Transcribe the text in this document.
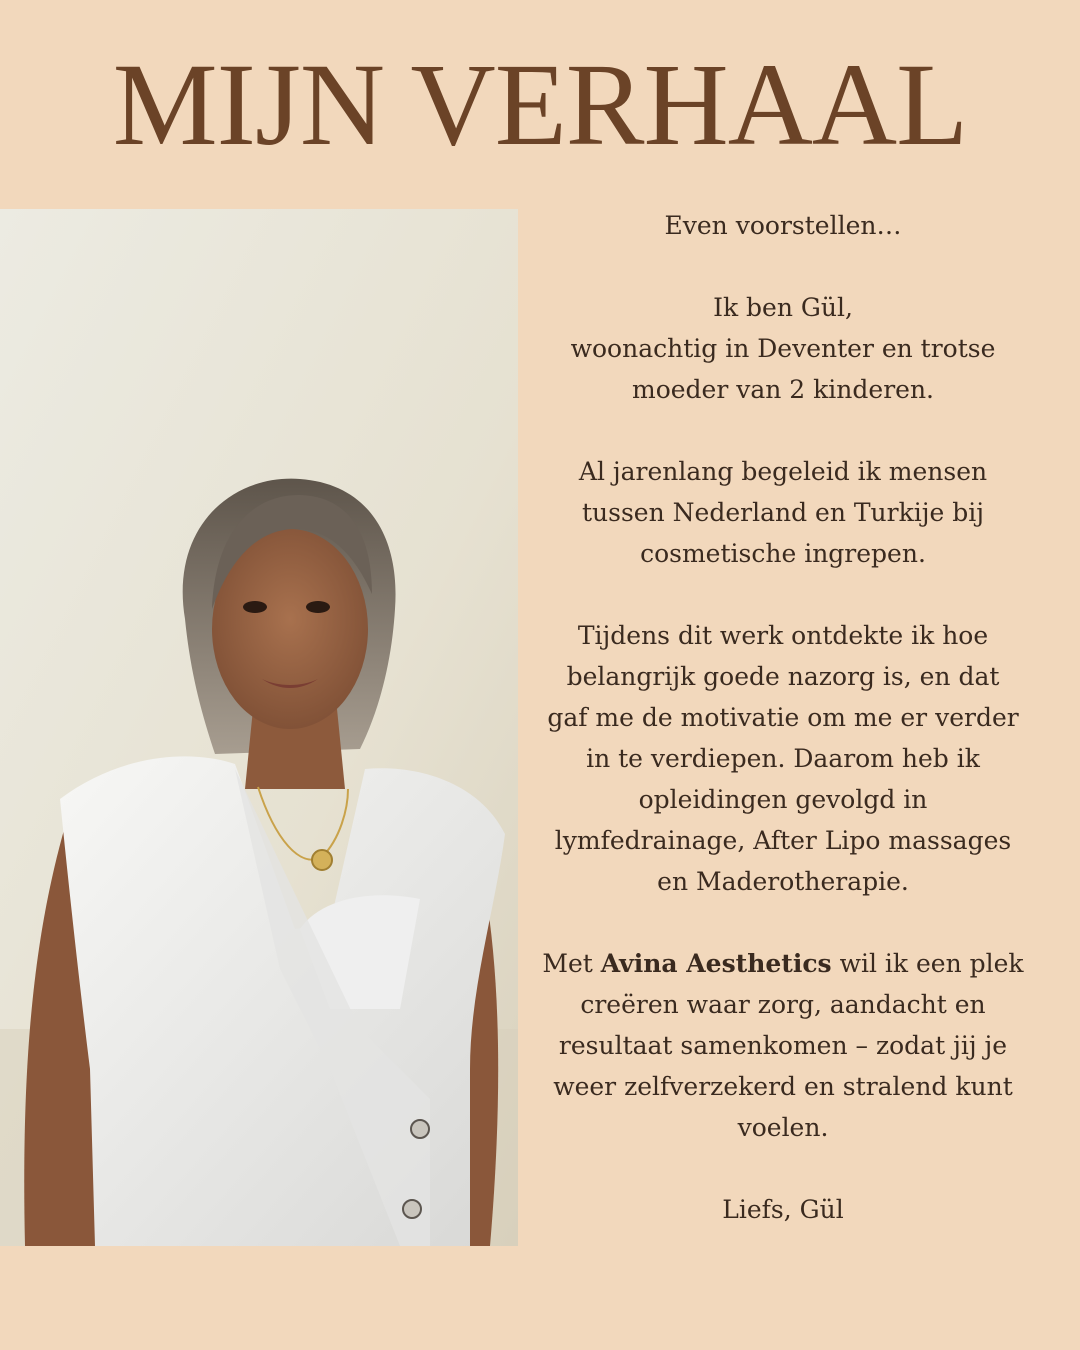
MIJN VERHAAL

Even voorstellen…

Ik ben Gül,
woonachtig in Deventer en trotse
moeder van 2 kinderen.

Al jarenlang begeleid ik mensen
tussen Nederland en Turkije bij
cosmetische ingrepen.

Tijdens dit werk ontdekte ik hoe
belangrijk goede nazorg is, en dat
gaf me de motivatie om me er verder
in te verdiepen. Daarom heb ik
opleidingen gevolgd in
lymfedrainage, After Lipo massages
en Maderotherapie.

Met Avina Aesthetics wil ik een plek
creëren waar zorg, aandacht en
resultaat samenkomen – zodat jij je
weer zelfverzekerd en stralend kunt
voelen.

Liefs, Gül
